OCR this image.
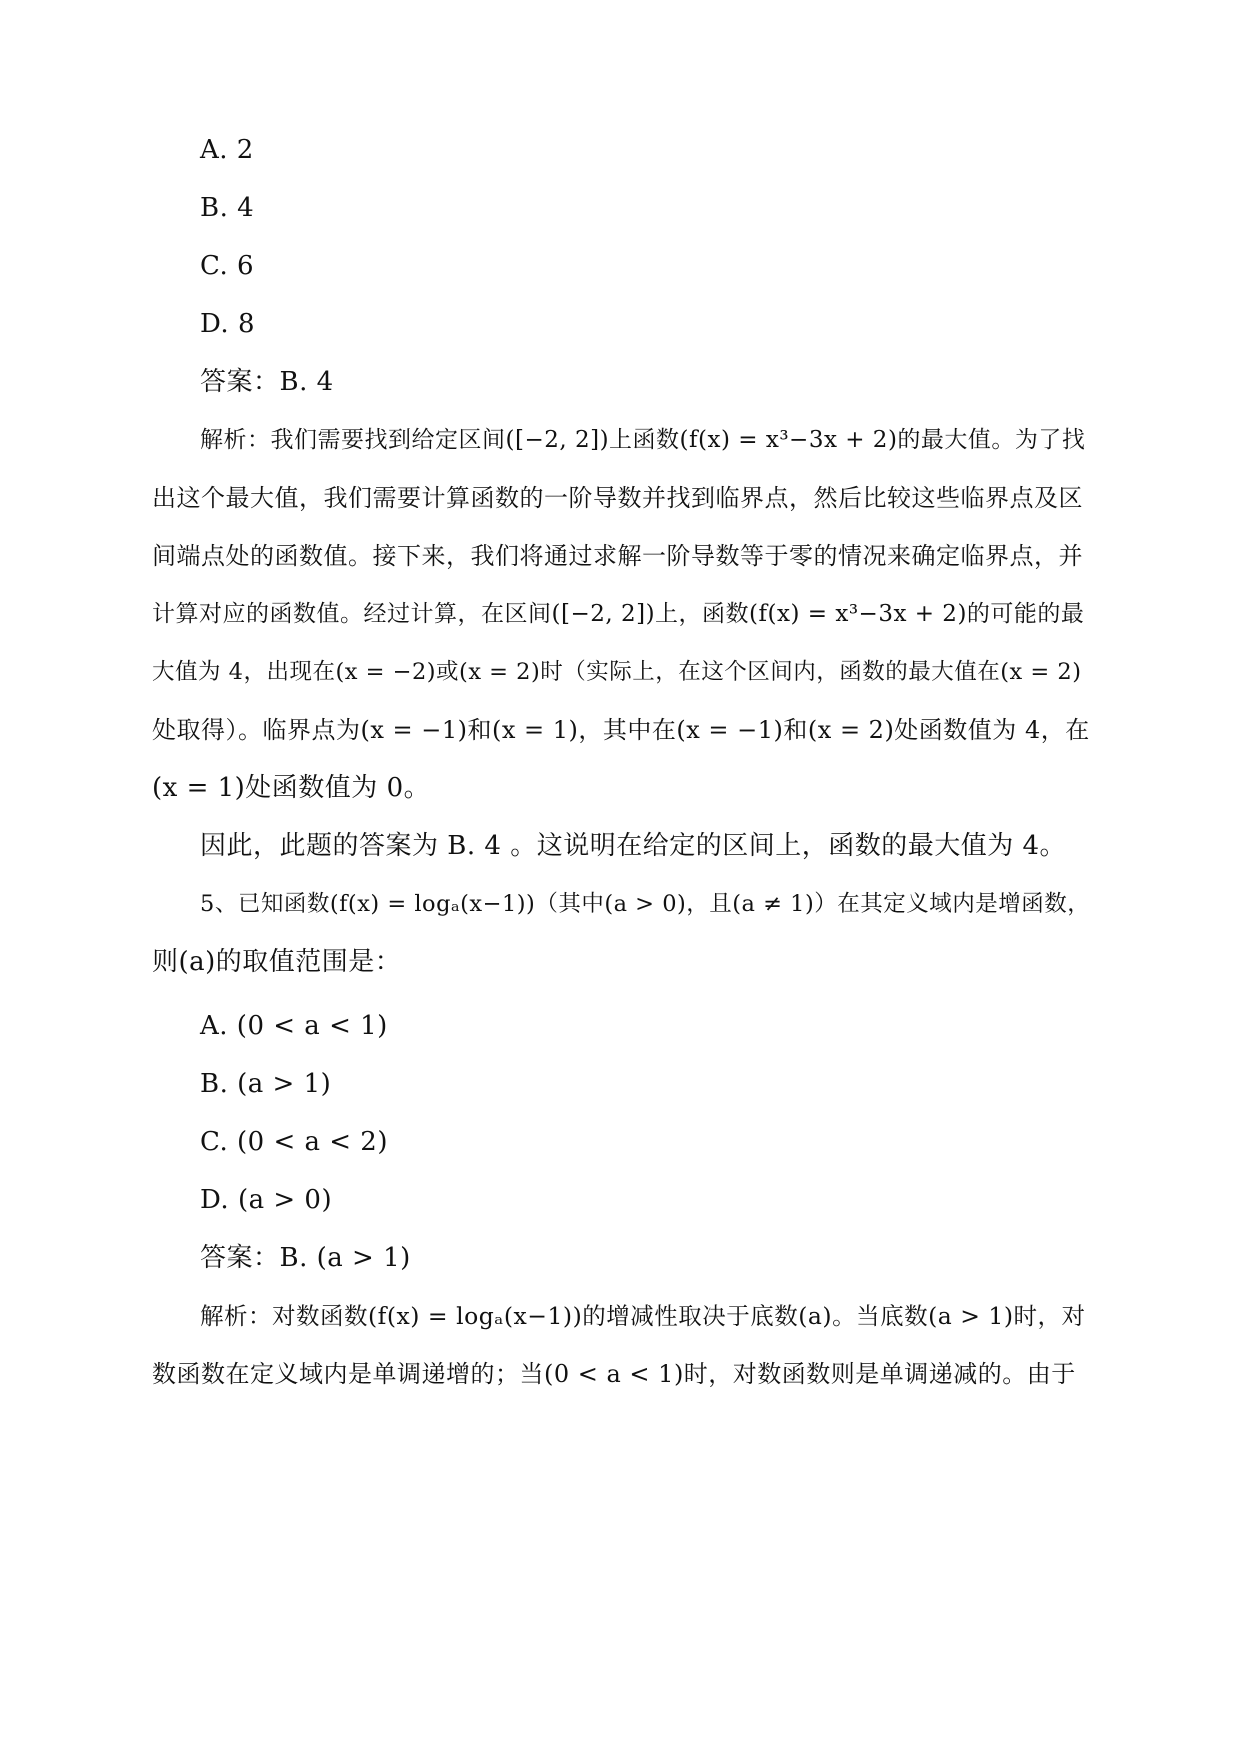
A. 2
B. 4
C. 6
D. 8
答案：B. 4
解析：我们需要找到给定区间([−2, 2])上函数(f(x) = x³−3x + 2)的最大值。为了找
出这个最大值，我们需要计算函数的一阶导数并找到临界点，然后比较这些临界点及区
间端点处的函数值。接下来，我们将通过求解一阶导数等于零的情况来确定临界点，并
计算对应的函数值。经过计算，在区间([−2, 2])上，函数(f(x) = x³−3x + 2)的可能的最
大值为 4，出现在(x = −2)或(x = 2)时（实际上，在这个区间内，函数的最大值在(x = 2)
处取得）。临界点为(x = −1)和(x = 1)，其中在(x = −1)和(x = 2)处函数值为 4，在
(x = 1)处函数值为 0。
因此，此题的答案为 B. 4 。这说明在给定的区间上，函数的最大值为 4。
5、已知函数(f(x) = logₐ(x−1))（其中(a > 0)，且(a ≠ 1)）在其定义域内是增函数，
则(a)的取值范围是：
A. (0 < a < 1)
B. (a > 1)
C. (0 < a < 2)
D. (a > 0)
答案：B. (a > 1)
解析：对数函数(f(x) = logₐ(x−1))的增减性取决于底数(a)。当底数(a > 1)时，对
数函数在定义域内是单调递增的；当(0 < a < 1)时，对数函数则是单调递减的。由于
